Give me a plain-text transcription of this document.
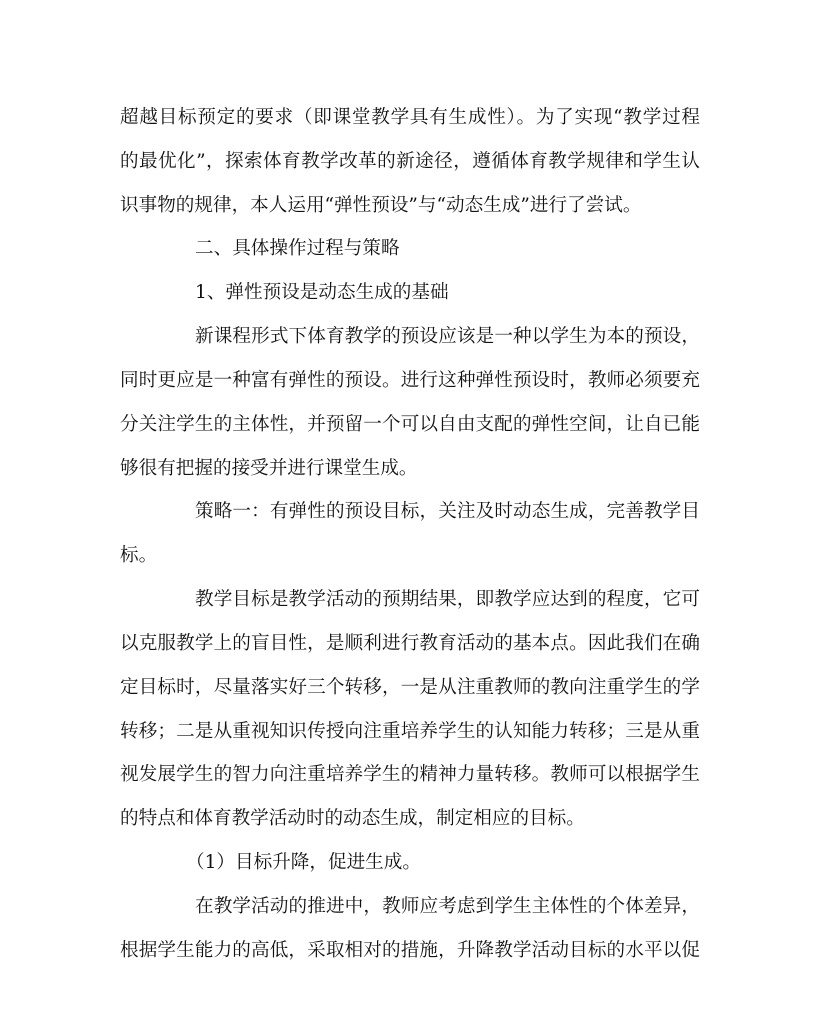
超越目标预定的要求（即课堂教学具有生成性）。为了实现“教学过程
的最优化”，探索体育教学改革的新途径，遵循体育教学规律和学生认
识事物的规律，本人运用“弹性预设”与“动态生成”进行了尝试。
二、具体操作过程与策略
1、弹性预设是动态生成的基础
新课程形式下体育教学的预设应该是一种以学生为本的预设，
同时更应是一种富有弹性的预设。进行这种弹性预设时，教师必须要充
分关注学生的主体性，并预留一个可以自由支配的弹性空间，让自已能
够很有把握的接受并进行课堂生成。
策略一：有弹性的预设目标，关注及时动态生成，完善教学目
标。
教学目标是教学活动的预期结果，即教学应达到的程度，它可
以克服教学上的盲目性，是顺利进行教育活动的基本点。因此我们在确
定目标时，尽量落实好三个转移，一是从注重教师的教向注重学生的学
转移；二是从重视知识传授向注重培养学生的认知能力转移；三是从重
视发展学生的智力向注重培养学生的精神力量转移。教师可以根据学生
的特点和体育教学活动时的动态生成，制定相应的目标。
（1）目标升降，促进生成。
在教学活动的推进中，教师应考虑到学生主体性的个体差异，
根据学生能力的高低，采取相对的措施，升降教学活动目标的水平以促
